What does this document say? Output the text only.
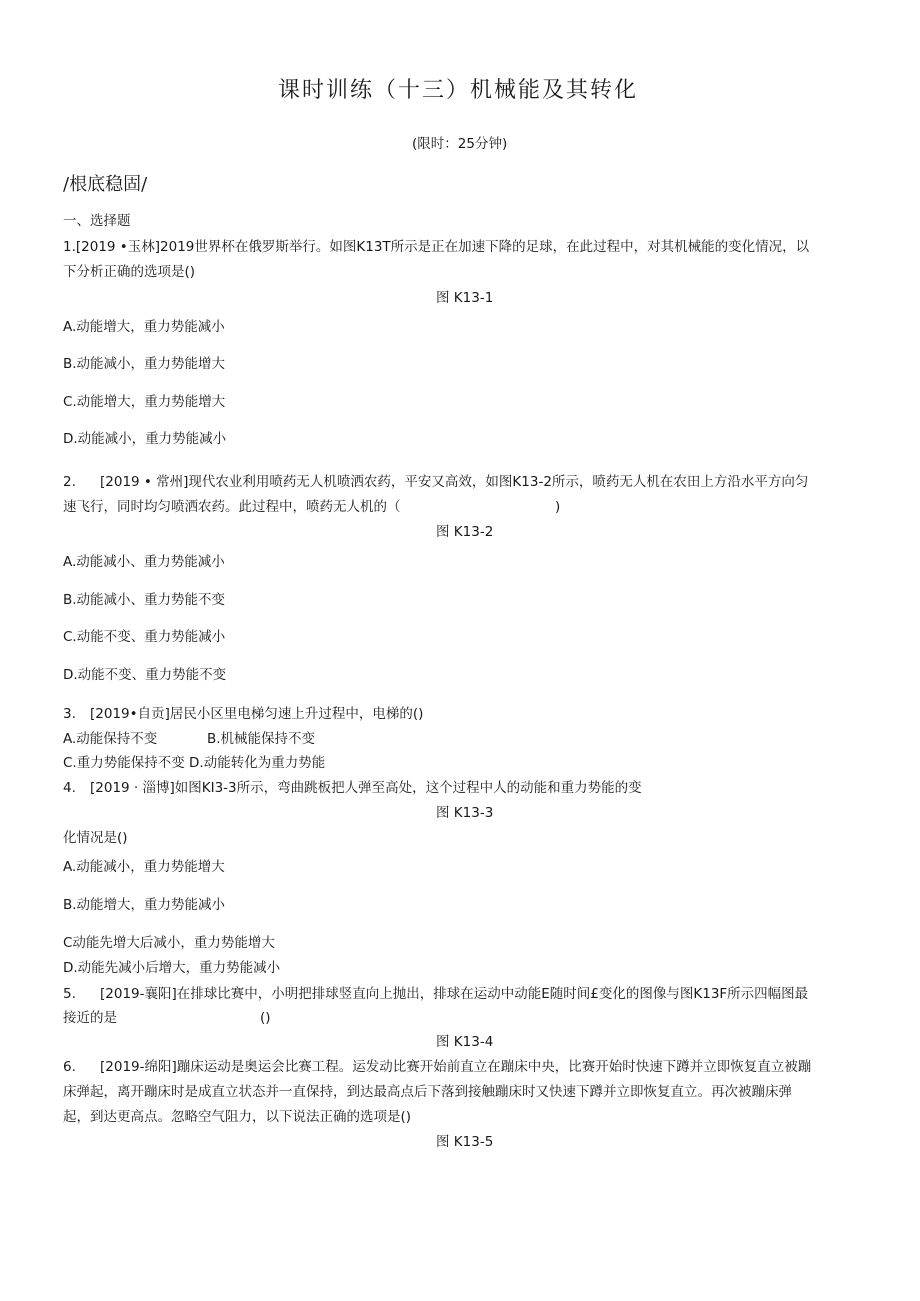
课时训练（十三）机械能及其转化
(限时：25分钟)
/根底稳固/
一、选择题
1.[2019 •玉林]2019世界杯在俄罗斯举行。如图K13T所示是正在加速下降的足球，在此过程中，对其机械能的变化情况，以
下分析正确的选项是()
图 K13-1
A.动能增大，重力势能减小
B.动能减小，重力势能增大
C.动能增大，重力势能增大
D.动能减小，重力势能减小
2. [2019 • 常州]现代农业利用喷药无人机喷洒农药，平安又高效，如图K13-2所示，喷药无人机在农田上方沿水平方向匀
速飞行，同时均匀喷洒农药。此过程中，喷药无人机的（	)
图 K13-2
A.动能减小、重力势能减小
B.动能减小、重力势能不变
C.动能不变、重力势能减小
D.动能不变、重力势能不变
3. [2019•自贡]居民小区里电梯匀速上升过程中，电梯的()
A.动能保持不变	B.机械能保持不变
C.重力势能保持不变 D.动能转化为重力势能
4. [2019 · 淄博]如图KI3-3所示，弯曲跳板把人弹至高处，这个过程中人的动能和重力势能的变
图 K13-3
化情况是()
A.动能减小，重力势能增大
B.动能增大，重力势能减小
C动能先增大后减小，重力势能增大
D.动能先减小后增大，重力势能减小
5. [2019-襄阳]在排球比赛中，小明把排球竖直向上抛出，排球在运动中动能E随时间£变化的图像与图K13F所示四幅图最
接近的是	()
图 K13-4
6. [2019-绵阳]蹦床运动是奥运会比赛工程。运发动比赛开始前直立在蹦床中央，比赛开始时快速下蹲并立即恢复直立被蹦
床弹起，离开蹦床时是成直立状态并一直保持，到达最高点后下落到接触蹦床时又快速下蹲并立即恢复直立。再次被蹦床弹
起，到达更高点。忽略空气阻力，以下说法正确的选项是()
图 K13-5
